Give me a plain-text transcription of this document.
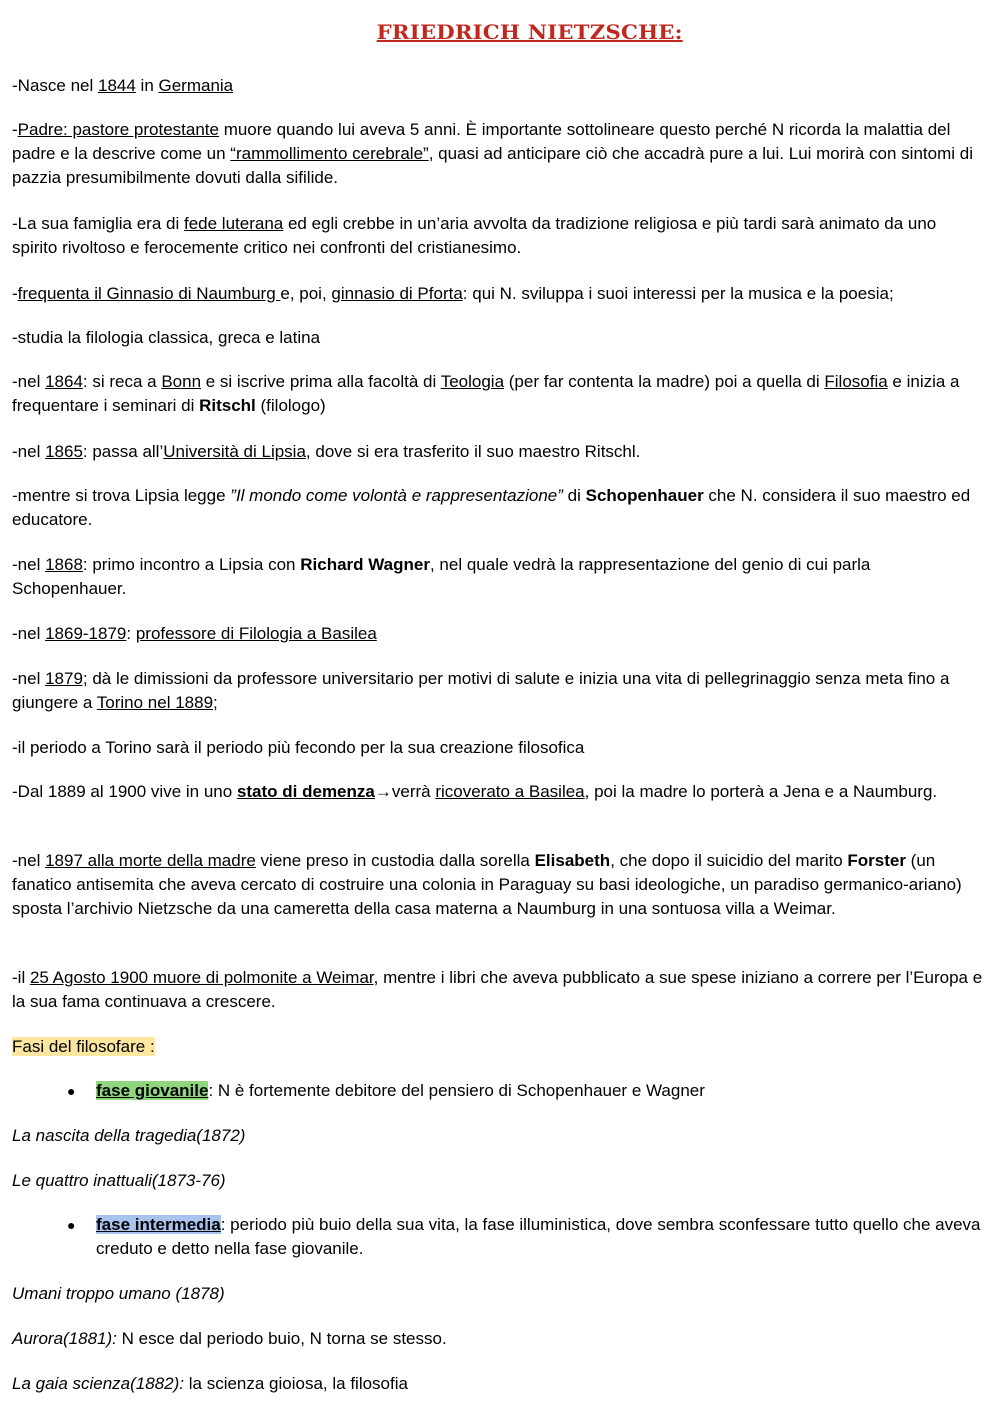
FRIEDRICH NIETZSCHE:

-Nasce nel 1844 in Germania

-Padre: pastore protestante muore quando lui aveva 5 anni. È importante sottolineare questo perché N ricorda la malattia del padre e la descrive come un “rammollimento cerebrale”, quasi ad anticipare ciò che accadrà pure a lui. Lui morirà con sintomi di pazzia presumibilmente dovuti dalla sifilide.

-La sua famiglia era di fede luterana ed egli crebbe in un’aria avvolta da tradizione religiosa e più tardi sarà animato da uno spirito rivoltoso e ferocemente critico nei confronti del cristianesimo.

-frequenta il Ginnasio di Naumburg e, poi, ginnasio di Pforta: qui N. sviluppa i suoi interessi per la musica e la poesia;

-studia la filologia classica, greca e latina

-nel 1864: si reca a Bonn e si iscrive prima alla facoltà di Teologia (per far contenta la madre) poi a quella di Filosofia e inizia a frequentare i seminari di Ritschl (filologo)

-nel 1865: passa all’Università di Lipsia, dove si era trasferito il suo maestro Ritschl.

-mentre si trova Lipsia legge ”Il mondo come volontà e rappresentazione” di Schopenhauer che N. considera il suo maestro ed educatore.

-nel 1868: primo incontro a Lipsia con Richard Wagner, nel quale vedrà la rappresentazione del genio di cui parla Schopenhauer.

-nel 1869-1879: professore di Filologia a Basilea

-nel 1879; dà le dimissioni da professore universitario per motivi di salute e inizia una vita di pellegrinaggio senza meta fino a giungere a Torino nel 1889;

-il periodo a Torino sarà il periodo più fecondo per la sua creazione filosofica

-Dal 1889 al 1900 vive in uno stato di demenza→verrà ricoverato a Basilea, poi la madre lo porterà a Jena e a Naumburg.

-nel 1897 alla morte della madre viene preso in custodia dalla sorella Elisabeth, che dopo il suicidio del marito Forster (un fanatico antisemita che aveva cercato di costruire una colonia in Paraguay su basi ideologiche, un paradiso germanico-ariano) sposta l’archivio Nietzsche da una cameretta della casa materna a Naumburg in una sontuosa villa a Weimar.

-il 25 Agosto 1900 muore di polmonite a Weimar, mentre i libri che aveva pubblicato a sue spese iniziano a correre per l’Europa e la sua fama continuava a crescere.

Fasi del filosofare :

● fase giovanile: N è fortemente debitore del pensiero di Schopenhauer e Wagner

La nascita della tragedia(1872)

Le quattro inattuali(1873-76)

● fase intermedia: periodo più buio della sua vita, la fase illuministica, dove sembra sconfessare tutto quello che aveva creduto e detto nella fase giovanile.

Umani troppo umano (1878)

Aurora(1881): N esce dal periodo buio, N torna se stesso.

La gaia scienza(1882): la scienza gioiosa, la filosofia
